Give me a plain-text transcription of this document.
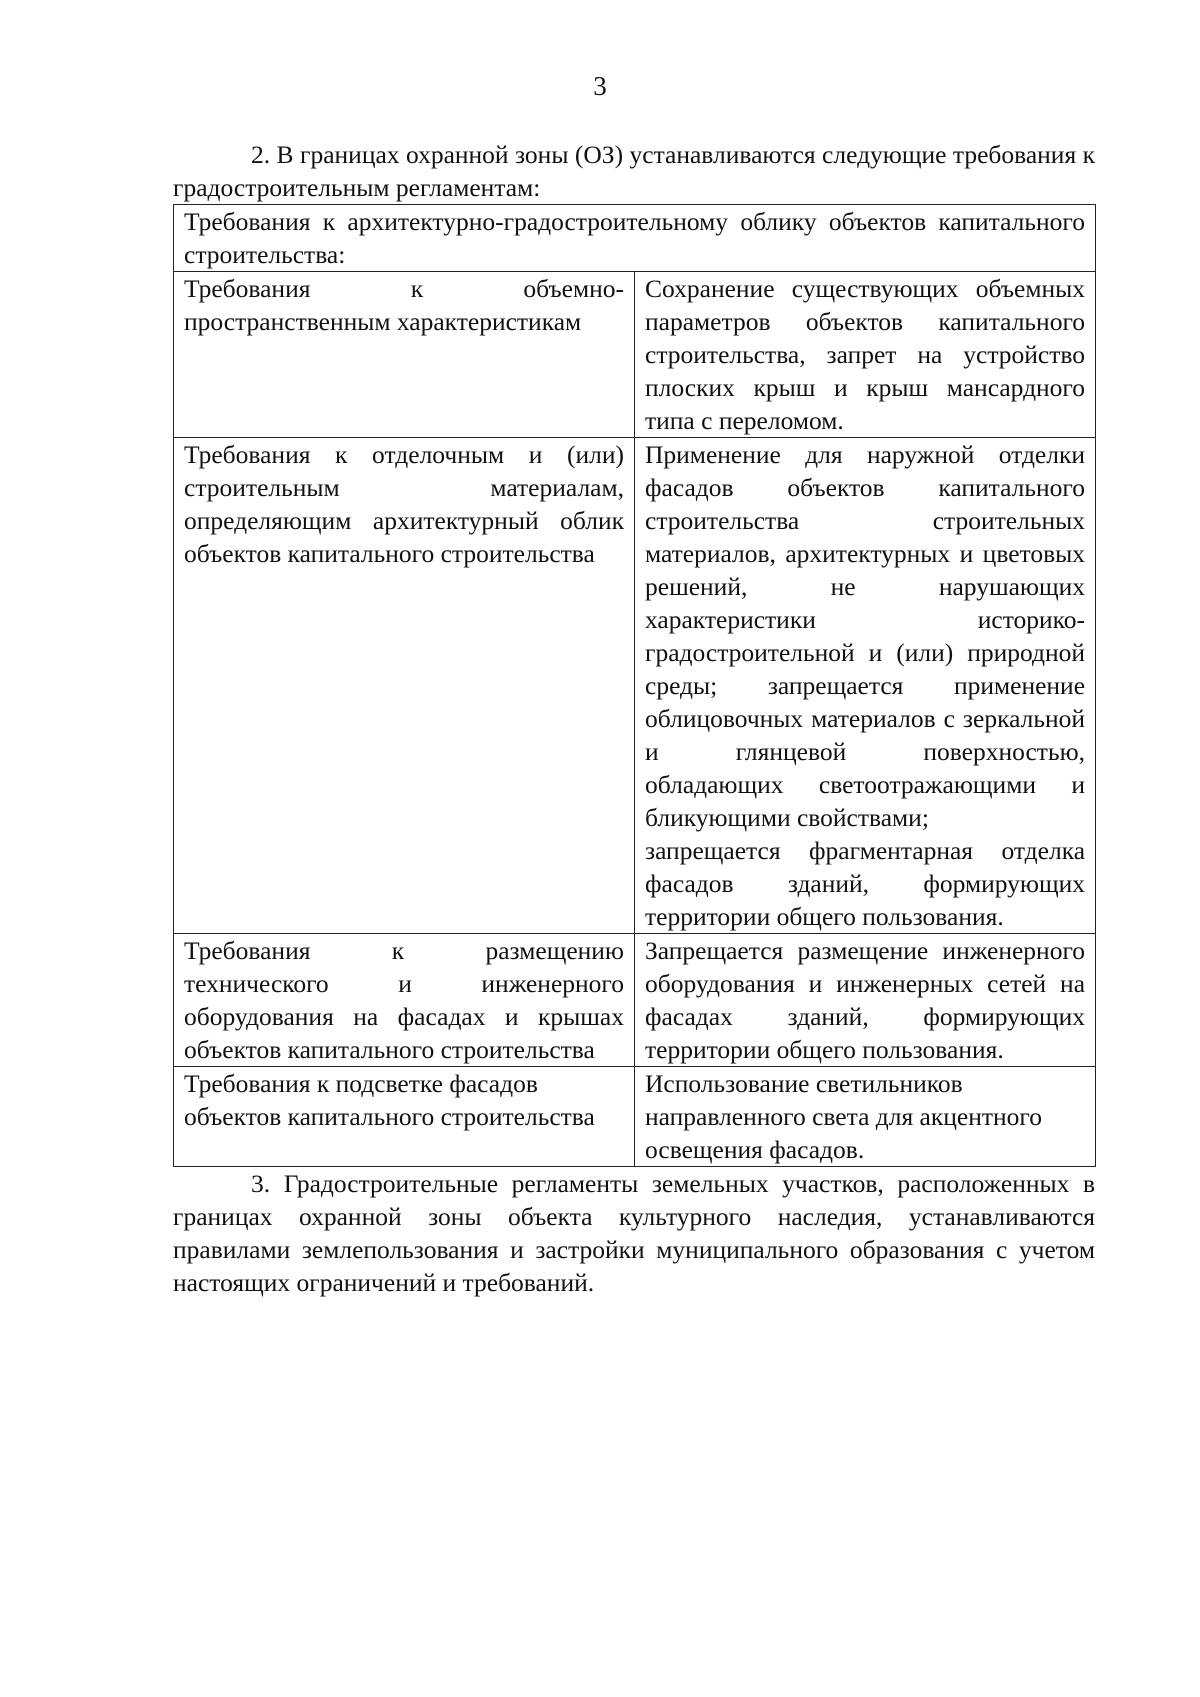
3

2. В границах охранной зоны (ОЗ) устанавливаются следующие требования к градостроительным регламентам:

Требования к архитектурно-градостроительному облику объектов капитального строительства:	
Требования к объемно-пространственным характеристикам	Сохранение существующих объемных параметров объектов капитального строительства, запрет на устройство плоских крыш и крыш мансардного типа с переломом.

Требования к отделочным и (или) строительным материалам, определяющим архитектурный облик объектов капитального строительства	Применение для наружной отделки фасадов объектов капитального строительства строительных материалов, архитектурных и цветовых решений, не нарушающих характеристики историко-градостроительной и (или) природной среды; запрещается применение облицовочных материалов с зеркальной и глянцевой поверхностью, обладающих светоотражающими и бликующими свойствами;
запрещается фрагментарная отделка фасадов зданий, формирующих территории общего пользования.

Требования к размещению технического и инженерного оборудования на фасадах и крышах объектов капитального строительства	Запрещается размещение инженерного оборудования и инженерных сетей на фасадах зданий, формирующих территории общего пользования.

Требования к подсветке фасадов объектов капитального строительства	Использование светильников направленного света для акцентного освещения фасадов.

3. Градостроительные регламенты земельных участков, расположенных в границах охранной зоны объекта культурного наследия, устанавливаются правилами землепользования и застройки муниципального образования с учетом настоящих ограничений и требований.
